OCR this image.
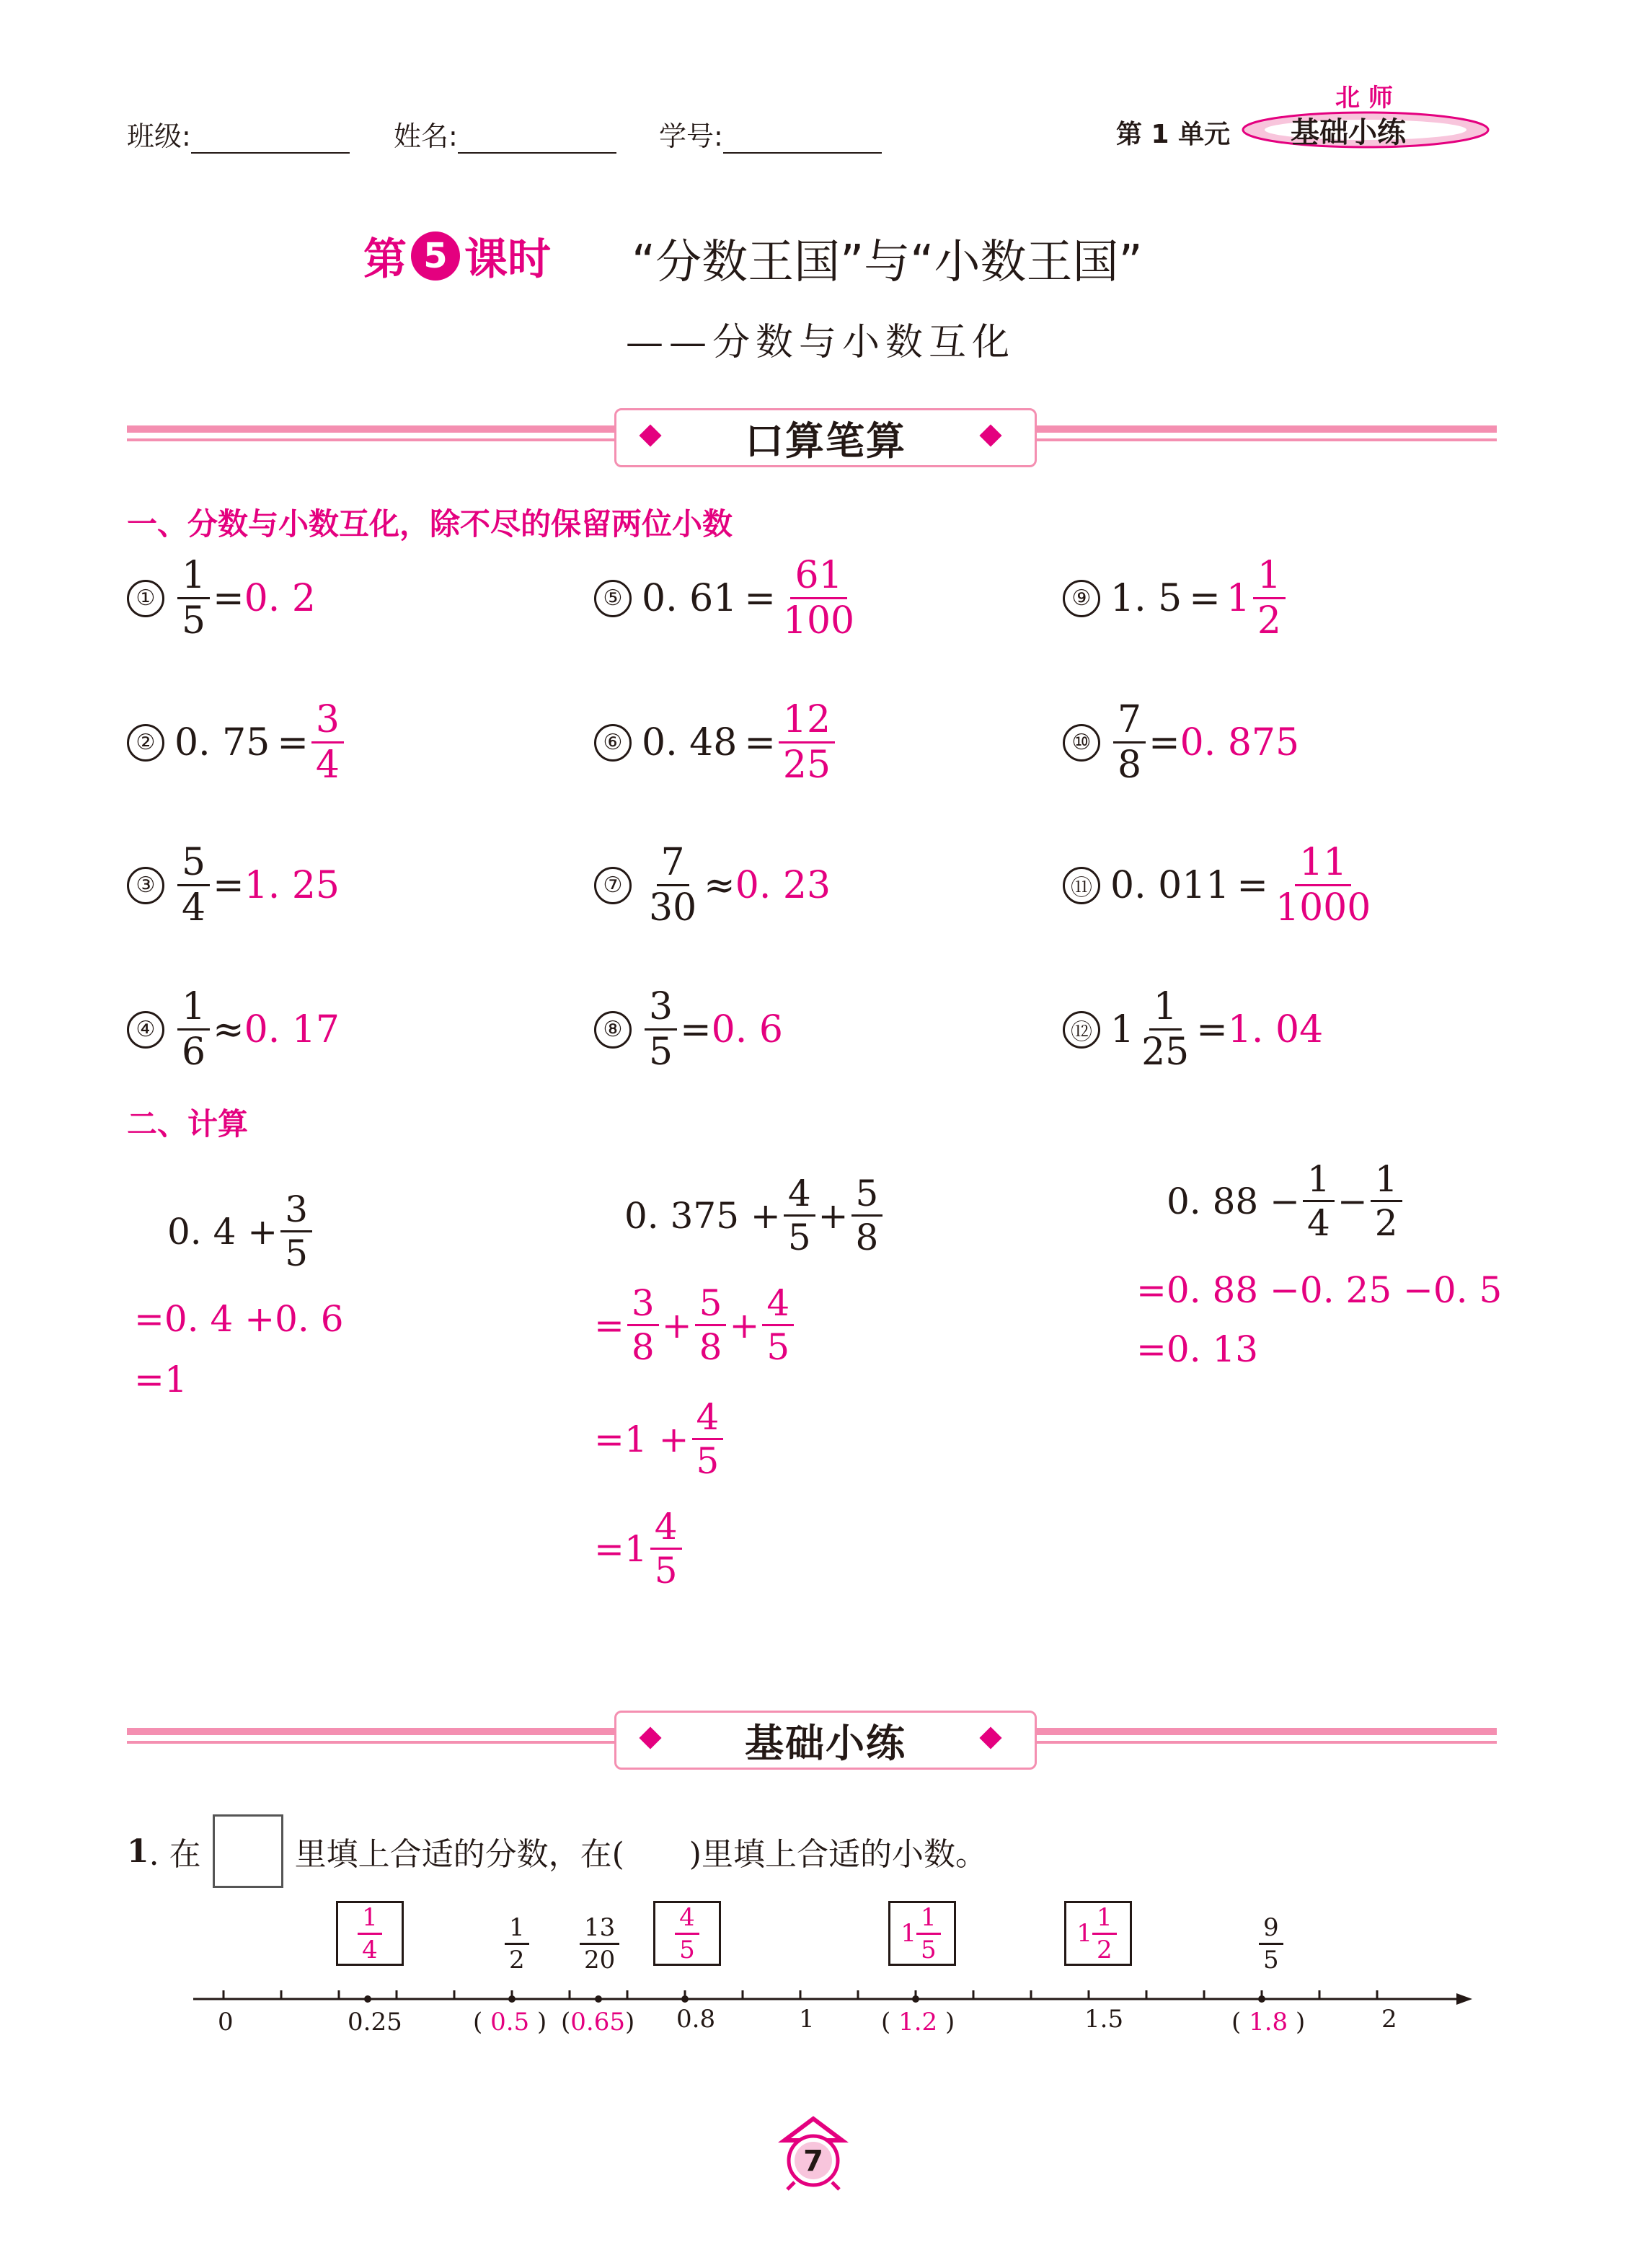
班级:	姓名:	学号:	第 1 单元 基础小练
北 师
第 5 课时 “分数王国”与“小数王国”
——分数与小数互化
口算笔算
一、分数与小数互化，除不尽的保留两位小数
① $\frac{1}{5} = 0$. 2
② 0. $75 = \frac{3}{4}$
③ $\frac{5}{4} = 1$. 25
④ $\frac{1}{6} \approx 0$. 17
⑤ 0. $61 = \frac{61}{100}$
⑥ 0. $48 = \frac{12}{25}$
⑦ $\frac{7}{30} \approx 0$. 23
⑧ $\frac{3}{5} = 0$. 6
⑨ 1. $5 = 1 \frac{1}{2}$
⑩ $\frac{7}{8} = 0$. 875
⑪ 0. $011 = \frac{11}{1000}$
⑫ $1 \frac{1}{25} = 1$. 04
二、计算
0. $4 + \frac{3}{5}$
=0. 4 +0. 6
=1
0. $375 + \frac{4}{5} + \frac{5}{8}$
= $\frac{3}{8} + \frac{5}{8} + \frac{4}{5}$
$=1 + \frac{4}{5}$
$=1 \frac{4}{5}$
0. $88 - \frac{1}{4} - \frac{1}{2}$
=0. 88 −0. 25 −0. 5
=0. 13
基础小练
1 . 在	里填上合适的分数，在( )里填上合适的小数。
0	0.25	0.8	1	1.5	2
( 0.5 ) (0.65)	( 1.2 )	( 1.8 )
$\frac{1}{4}$	$\frac{1}{2} \frac{13}{20} \frac{4}{5}$	$1 \frac{1}{5}$	$1 \frac{1}{2}$	$\frac{9}{5}$
7
